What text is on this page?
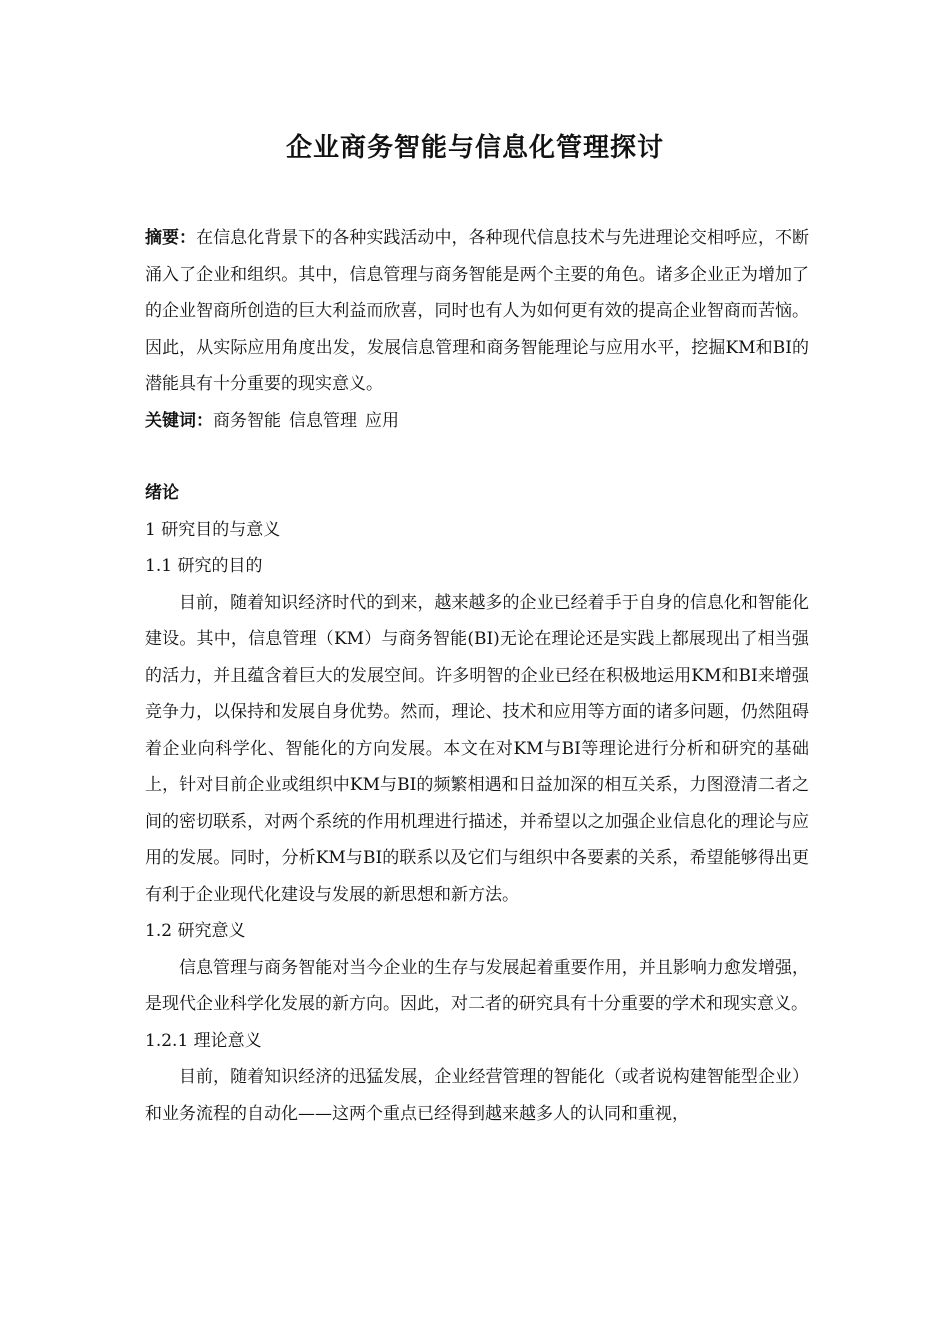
企业商务智能与信息化管理探讨

摘要：在信息化背景下的各种实践活动中，各种现代信息技术与先进理论交相呼应，不断涌入了企业和组织。其中，信息管理与商务智能是两个主要的角色。诸多企业正为增加了的企业智商所创造的巨大利益而欣喜，同时也有人为如何更有效的提高企业智商而苦恼。因此，从实际应用角度出发，发展信息管理和商务智能理论与应用水平，挖掘KM和BI的潜能具有十分重要的现实意义。

关键词：商务智能 信息管理 应用

绪论

1 研究目的与意义

1.1 研究的目的

目前，随着知识经济时代的到来，越来越多的企业已经着手于自身的信息化和智能化建设。其中，信息管理（KM）与商务智能(BI)无论在理论还是实践上都展现出了相当强的活力，并且蕴含着巨大的发展空间。许多明智的企业已经在积极地运用KM和BI来增强竞争力，以保持和发展自身优势。然而，理论、技术和应用等方面的诸多问题，仍然阻碍着企业向科学化、智能化的方向发展。本文在对KM与BI等理论进行分析和研究的基础上，针对目前企业或组织中KM与BI的频繁相遇和日益加深的相互关系，力图澄清二者之间的密切联系，对两个系统的作用机理进行描述，并希望以之加强企业信息化的理论与应用的发展。同时，分析KM与BI的联系以及它们与组织中各要素的关系，希望能够得出更有利于企业现代化建设与发展的新思想和新方法。

1.2 研究意义

信息管理与商务智能对当今企业的生存与发展起着重要作用，并且影响力愈发增强，是现代企业科学化发展的新方向。因此，对二者的研究具有十分重要的学术和现实意义。

1.2.1 理论意义

目前，随着知识经济的迅猛发展，企业经营管理的智能化（或者说构建智能型企业）和业务流程的自动化——这两个重点已经得到越来越多人的认同和重视，
